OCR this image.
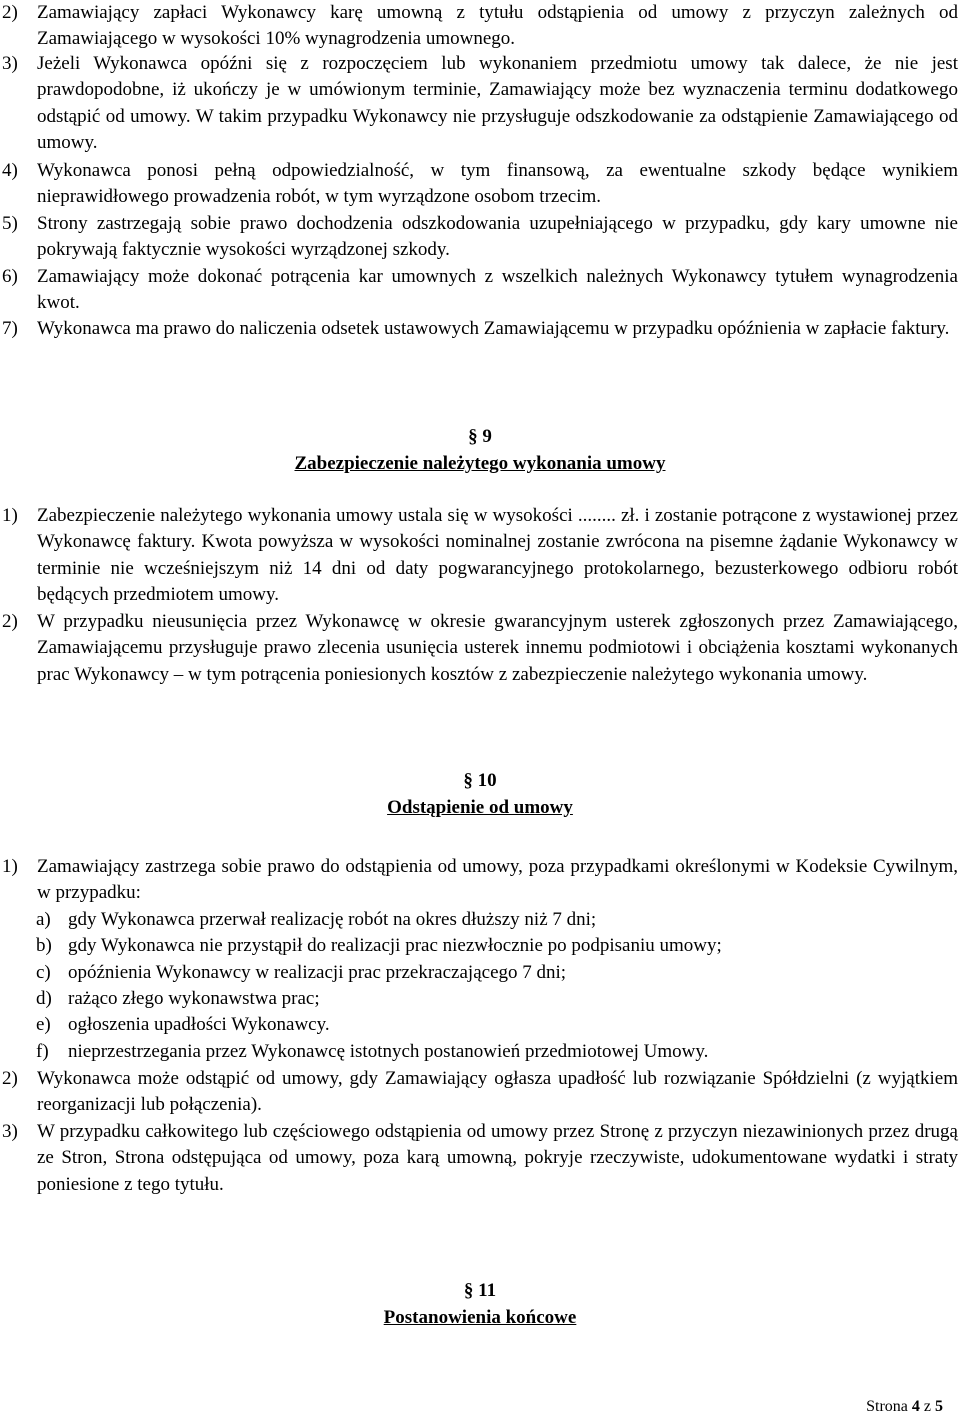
2) Zamawiający zapłaci Wykonawcy karę umowną z tytułu odstąpienia od umowy z przyczyn zależnych od Zamawiającego w wysokości 10% wynagrodzenia umownego.
3) Jeżeli Wykonawca opóźni się z rozpoczęciem lub wykonaniem przedmiotu umowy tak dalece, że nie jest prawdopodobne, iż ukończy je w umówionym terminie, Zamawiający może bez wyznaczenia terminu dodatkowego odstąpić od umowy. W takim przypadku Wykonawcy nie przysługuje odszkodowanie za odstąpienie Zamawiającego od umowy.
4) Wykonawca ponosi pełną odpowiedzialność, w tym finansową, za ewentualne szkody będące wynikiem nieprawidłowego prowadzenia robót, w tym wyrządzone osobom trzecim.
5) Strony zastrzegają sobie prawo dochodzenia odszkodowania uzupełniającego w przypadku, gdy kary umowne nie pokrywają faktycznie wysokości wyrządzonej szkody.
6) Zamawiający może dokonać potrącenia kar umownych z wszelkich należnych Wykonawcy tytułem wynagrodzenia kwot.
7) Wykonawca ma prawo do naliczenia odsetek ustawowych Zamawiającemu w przypadku opóźnienia w zapłacie faktury.
§ 9
Zabezpieczenie należytego wykonania umowy
1) Zabezpieczenie należytego wykonania umowy ustala się w wysokości ........ zł. i zostanie potrącone z wystawionej przez Wykonawcę faktury. Kwota powyższa w wysokości nominalnej zostanie zwrócona na pisemne żądanie Wykonawcy w terminie nie wcześniejszym niż 14 dni od daty pogwarancyjnego protokolarnego, bezusterkowego odbioru robót będących przedmiotem umowy.
2) W przypadku nieusunięcia przez Wykonawcę w okresie gwarancyjnym usterek zgłoszonych przez Zamawiającego, Zamawiającemu przysługuje prawo zlecenia usunięcia usterek innemu podmiotowi i obciążenia kosztami wykonanych prac Wykonawcy – w tym potrącenia poniesionych kosztów z zabezpieczenie należytego wykonania umowy.
§ 10
Odstąpienie od umowy
1) Zamawiający zastrzega sobie prawo do odstąpienia od umowy, poza przypadkami określonymi w Kodeksie Cywilnym, w przypadku:
a) gdy Wykonawca przerwał realizację robót na okres dłuższy niż 7 dni;
b) gdy Wykonawca nie przystąpił do realizacji prac niezwłocznie po podpisaniu umowy;
c) opóźnienia Wykonawcy w realizacji prac przekraczającego 7 dni;
d) rażąco złego wykonawstwa prac;
e) ogłoszenia upadłości Wykonawcy.
f) nieprzestrzegania przez Wykonawcę istotnych postanowień przedmiotowej Umowy.
2) Wykonawca może odstąpić od umowy, gdy Zamawiający ogłasza upadłość lub rozwiązanie Spółdzielni (z wyjątkiem reorganizacji lub połączenia).
3) W przypadku całkowitego lub częściowego odstąpienia od umowy przez Stronę z przyczyn niezawinionych przez drugą ze Stron, Strona odstępująca od umowy, poza karą umowną, pokryje rzeczywiste, udokumentowane wydatki i straty poniesione z tego tytułu.
§ 11
Postanowienia końcowe
Strona 4 z 5
